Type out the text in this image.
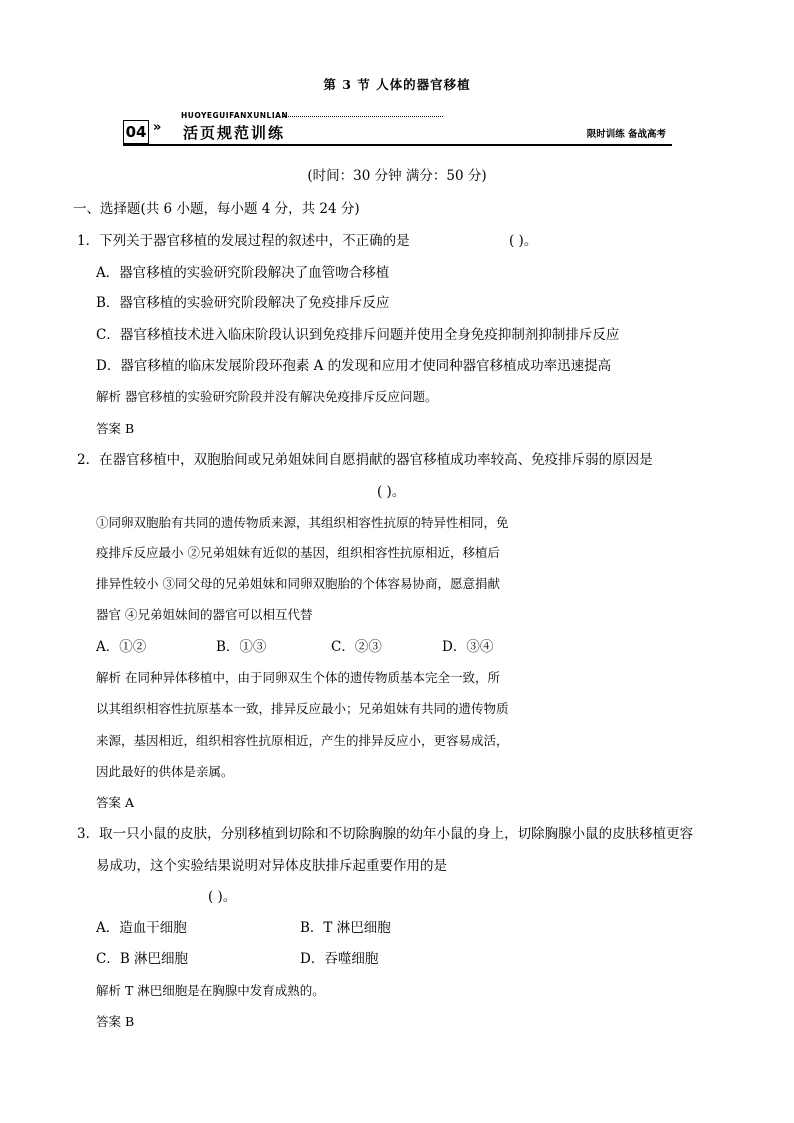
第 3 节 人体的器官移植
HUOYEGUIFANXUNLIAN
04 » 活页规范训练	限时训练 备战高考
(时间：30 分钟 满分：50 分)
一、选择题(共 6 小题，每小题 4 分，共 24 分)
1．下列关于器官移植的发展过程的叙述中，不正确的是	( )。
A．器官移植的实验研究阶段解决了血管吻合移植
B．器官移植的实验研究阶段解决了免疫排斥反应
C．器官移植技术进入临床阶段认识到免疫排斥问题并使用全身免疫抑制剂抑制排斥反应
D．器官移植的临床发展阶段环孢素 A 的发现和应用才使同种器官移植成功率迅速提高
解析 器官移植的实验研究阶段并没有解决免疫排斥反应问题。
答案 B
2．在器官移植中，双胞胎间或兄弟姐妹间自愿捐献的器官移植成功率较高、免疫排斥弱的原因是
( )。
①同卵双胞胎有共同的遗传物质来源，其组织相容性抗原的特异性相同，免
疫排斥反应最小 ②兄弟姐妹有近似的基因，组织相容性抗原相近，移植后
排异性较小 ③同父母的兄弟姐妹和同卵双胞胎的个体容易协商，愿意捐献
器官 ④兄弟姐妹间的器官可以相互代替
A．①②	B．①③	C．②③	D．③④
解析 在同种异体移植中，由于同卵双生个体的遗传物质基本完全一致，所
以其组织相容性抗原基本一致，排异反应最小；兄弟姐妹有共同的遗传物质
来源，基因相近，组织相容性抗原相近，产生的排异反应小，更容易成活，
因此最好的供体是亲属。
答案 A
3．取一只小鼠的皮肤，分别移植到切除和不切除胸腺的幼年小鼠的身上，切除胸腺小鼠的皮肤移植更容
易成功，这个实验结果说明对异体皮肤排斥起重要作用的是
( )。
A．造血干细胞	B．T 淋巴细胞
C．B 淋巴细胞	D．吞噬细胞
解析 T 淋巴细胞是在胸腺中发育成熟的。
答案 B
